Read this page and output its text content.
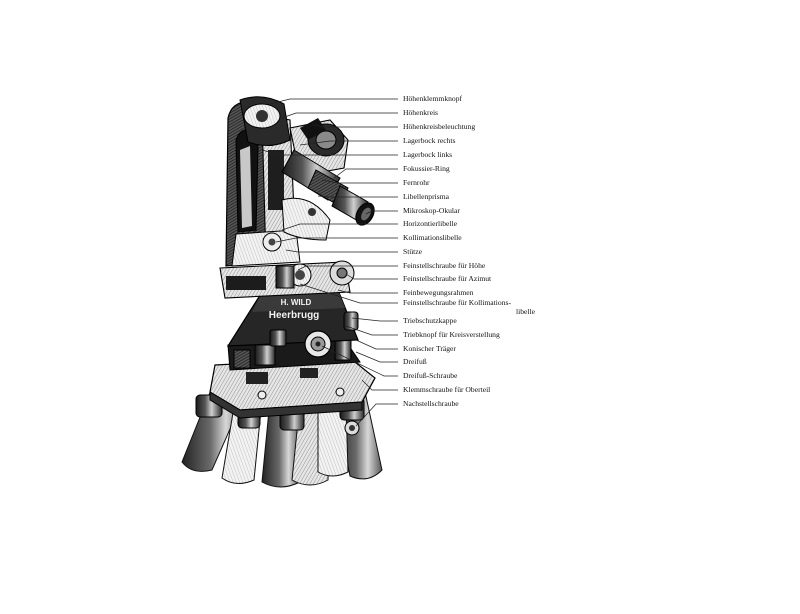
H. WILD
Heerbrugg
Höhenklemmknopf
Höhenkreis
Höhenkreisbeleuchtung
Lagerbock rechts
Lagerbock links
Fokussier-Ring
Fernrohr
Libellenprisma
Mikroskop-Okular
Horizontierlibelle
Kollimationslibelle
Stütze
Feinstellschraube für Höhe
Feinstellschraube für Azimut
Feinbewegungsrahmen
Feinstellschraube für Kollimations-
libelle
Triebschutzkappe
Triebknopf für Kreisverstellung
Konischer Träger
Dreifuß
Dreifuß-Schraube
Klemmschraube für Oberteil
Nachstellschraube
